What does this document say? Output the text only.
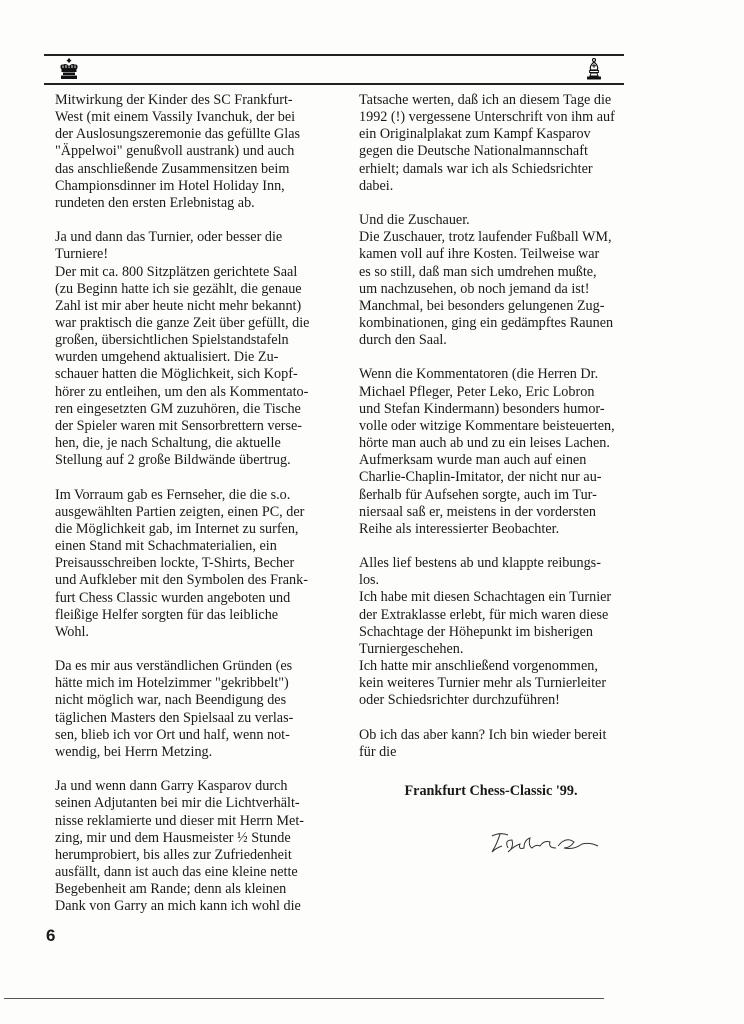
Mitwirkung der Kinder des SC Frankfurt-
West (mit einem Vassily Ivanchuk, der bei
der Auslosungszeremonie das gefüllte Glas
"Äppelwoi" genußvoll austrank) und auch
das anschließende Zusammensitzen beim
Championsdinner im Hotel Holiday Inn,
rundeten den ersten Erlebnistag ab.

Ja und dann das Turnier, oder besser die
Turniere!
Der mit ca. 800 Sitzplätzen gerichtete Saal
(zu Beginn hatte ich sie gezählt, die genaue
Zahl ist mir aber heute nicht mehr bekannt)
war praktisch die ganze Zeit über gefüllt, die
großen, übersichtlichen Spielstandstafeln
wurden umgehend aktualisiert. Die Zu-
schauer hatten die Möglichkeit, sich Kopf-
hörer zu entleihen, um den als Kommentato-
ren eingesetzten GM zuzuhören, die Tische
der Spieler waren mit Sensorbrettern verse-
hen, die, je nach Schaltung, die aktuelle
Stellung auf 2 große Bildwände übertrug.

Im Vorraum gab es Fernseher, die die s.o.
ausgewählten Partien zeigten, einen PC, der
die Möglichkeit gab, im Internet zu surfen,
einen Stand mit Schachmaterialien, ein
Preisausschreiben lockte, T-Shirts, Becher
und Aufkleber mit den Symbolen des Frank-
furt Chess Classic wurden angeboten und
fleißige Helfer sorgten für das leibliche
Wohl.

Da es mir aus verständlichen Gründen (es
hätte mich im Hotelzimmer "gekribbelt")
nicht möglich war, nach Beendigung des
täglichen Masters den Spielsaal zu verlas-
sen, blieb ich vor Ort und half, wenn not-
wendig, bei Herrn Metzing.

Ja und wenn dann Garry Kasparov durch
seinen Adjutanten bei mir die Lichtverhält-
nisse reklamierte und dieser mit Herrn Met-
zing, mir und dem Hausmeister ½ Stunde
herumprobiert, bis alles zur Zufriedenheit
ausfällt, dann ist auch das eine kleine nette
Begebenheit am Rande; denn als kleinen
Dank von Garry an mich kann ich wohl die

Tatsache werten, daß ich an diesem Tage die
1992 (!) vergessene Unterschrift von ihm auf
ein Originalplakat zum Kampf Kasparov
gegen die Deutsche Nationalmannschaft
erhielt; damals war ich als Schiedsrichter
dabei.

Und die Zuschauer.
Die Zuschauer, trotz laufender Fußball WM,
kamen voll auf ihre Kosten. Teilweise war
es so still, daß man sich umdrehen mußte,
um nachzusehen, ob noch jemand da ist!
Manchmal, bei besonders gelungenen Zug-
kombinationen, ging ein gedämpftes Raunen
durch den Saal.

Wenn die Kommentatoren (die Herren Dr.
Michael Pfleger, Peter Leko, Eric Lobron
und Stefan Kindermann) besonders humor-
volle oder witzige Kommentare beisteuerten,
hörte man auch ab und zu ein leises Lachen.
Aufmerksam wurde man auch auf einen
Charlie-Chaplin-Imitator, der nicht nur au-
ßerhalb für Aufsehen sorgte, auch im Tur-
niersaal saß er, meistens in der vordersten
Reihe als interessierter Beobachter.

Alles lief bestens ab und klappte reibungs-
los.
Ich habe mit diesen Schachtagen ein Turnier
der Extraklasse erlebt, für mich waren diese
Schachtage der Höhepunkt im bisherigen
Turniergeschehen.
Ich hatte mir anschließend vorgenommen,
kein weiteres Turnier mehr als Turnierleiter
oder Schiedsrichter durchzuführen!

Ob ich das aber kann? Ich bin wieder bereit
für die

Frankfurt Chess-Classic '99.
6
